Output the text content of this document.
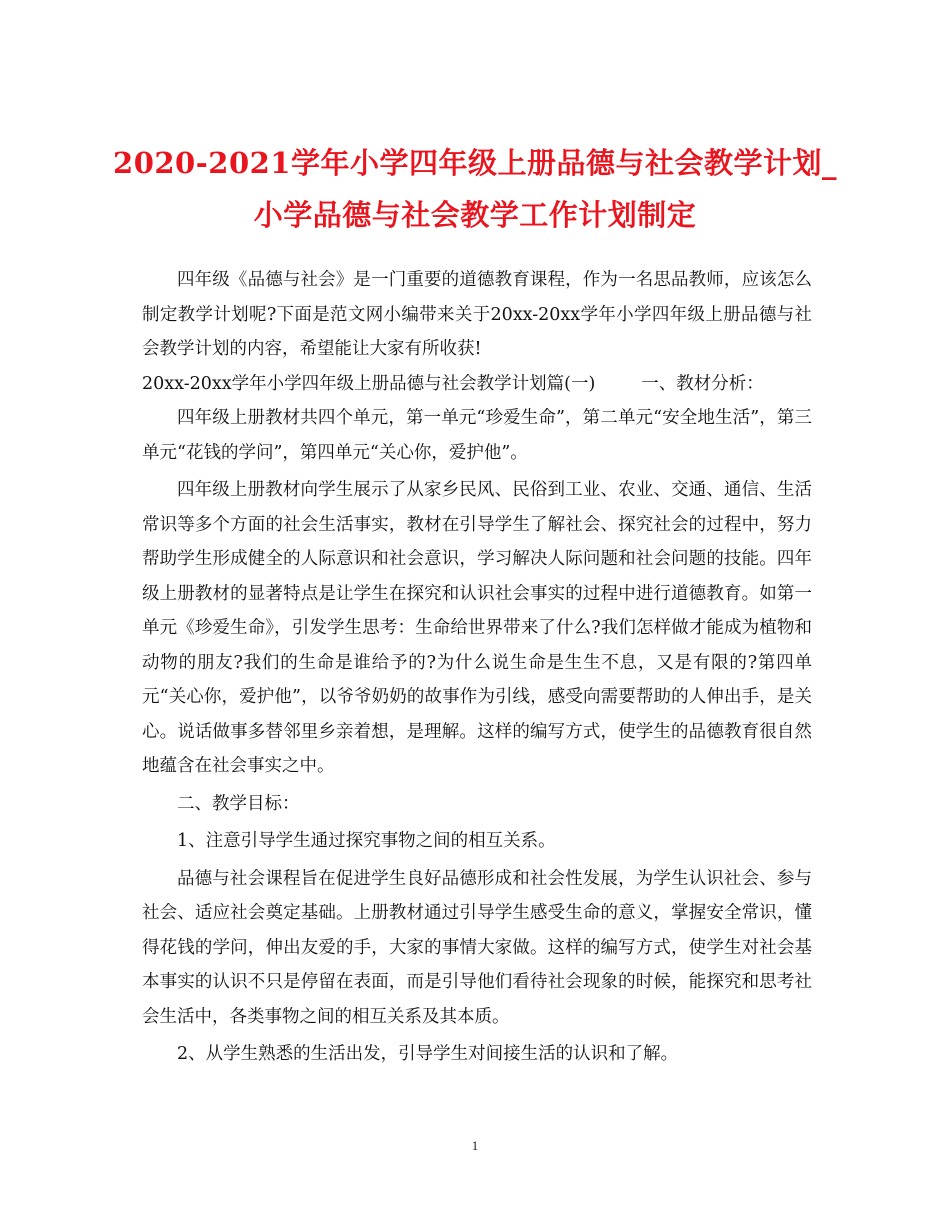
2020-2021学年小学四年级上册品德与社会教学计划_
小学品德与社会教学工作计划制定

四年级《品德与社会》是一门重要的道德教育课程，作为一名思品教师，应该怎么制定教学计划呢?下面是范文网小编带来关于20xx-20xx学年小学四年级上册品德与社会教学计划的内容，希望能让大家有所收获!

20xx-20xx学年小学四年级上册品德与社会教学计划篇(一)	一、教材分析：

四年级上册教材共四个单元，第一单元“珍爱生命”，第二单元“安全地生活”，第三单元“花钱的学问”，第四单元“关心你，爱护他”。

四年级上册教材向学生展示了从家乡民风、民俗到工业、农业、交通、通信、生活常识等多个方面的社会生活事实，教材在引导学生了解社会、探究社会的过程中，努力帮助学生形成健全的人际意识和社会意识，学习解决人际问题和社会问题的技能。四年级上册教材的显著特点是让学生在探究和认识社会事实的过程中进行道德教育。如第一单元《珍爱生命》，引发学生思考：生命给世界带来了什么?我们怎样做才能成为植物和动物的朋友?我们的生命是谁给予的?为什么说生命是生生不息，又是有限的?第四单元“关心你，爱护他”，以爷爷奶奶的故事作为引线，感受向需要帮助的人伸出手，是关心。说话做事多替邻里乡亲着想，是理解。这样的编写方式，使学生的品德教育很自然地蕴含在社会事实之中。

二、教学目标：

1、注意引导学生通过探究事物之间的相互关系。

品德与社会课程旨在促进学生良好品德形成和社会性发展，为学生认识社会、参与社会、适应社会奠定基础。上册教材通过引导学生感受生命的意义，掌握安全常识，懂得花钱的学问，伸出友爱的手，大家的事情大家做。这样的编写方式，使学生对社会基本事实的认识不只是停留在表面，而是引导他们看待社会现象的时候，能探究和思考社会生活中，各类事物之间的相互关系及其本质。

2、从学生熟悉的生活出发，引导学生对间接生活的认识和了解。

1
